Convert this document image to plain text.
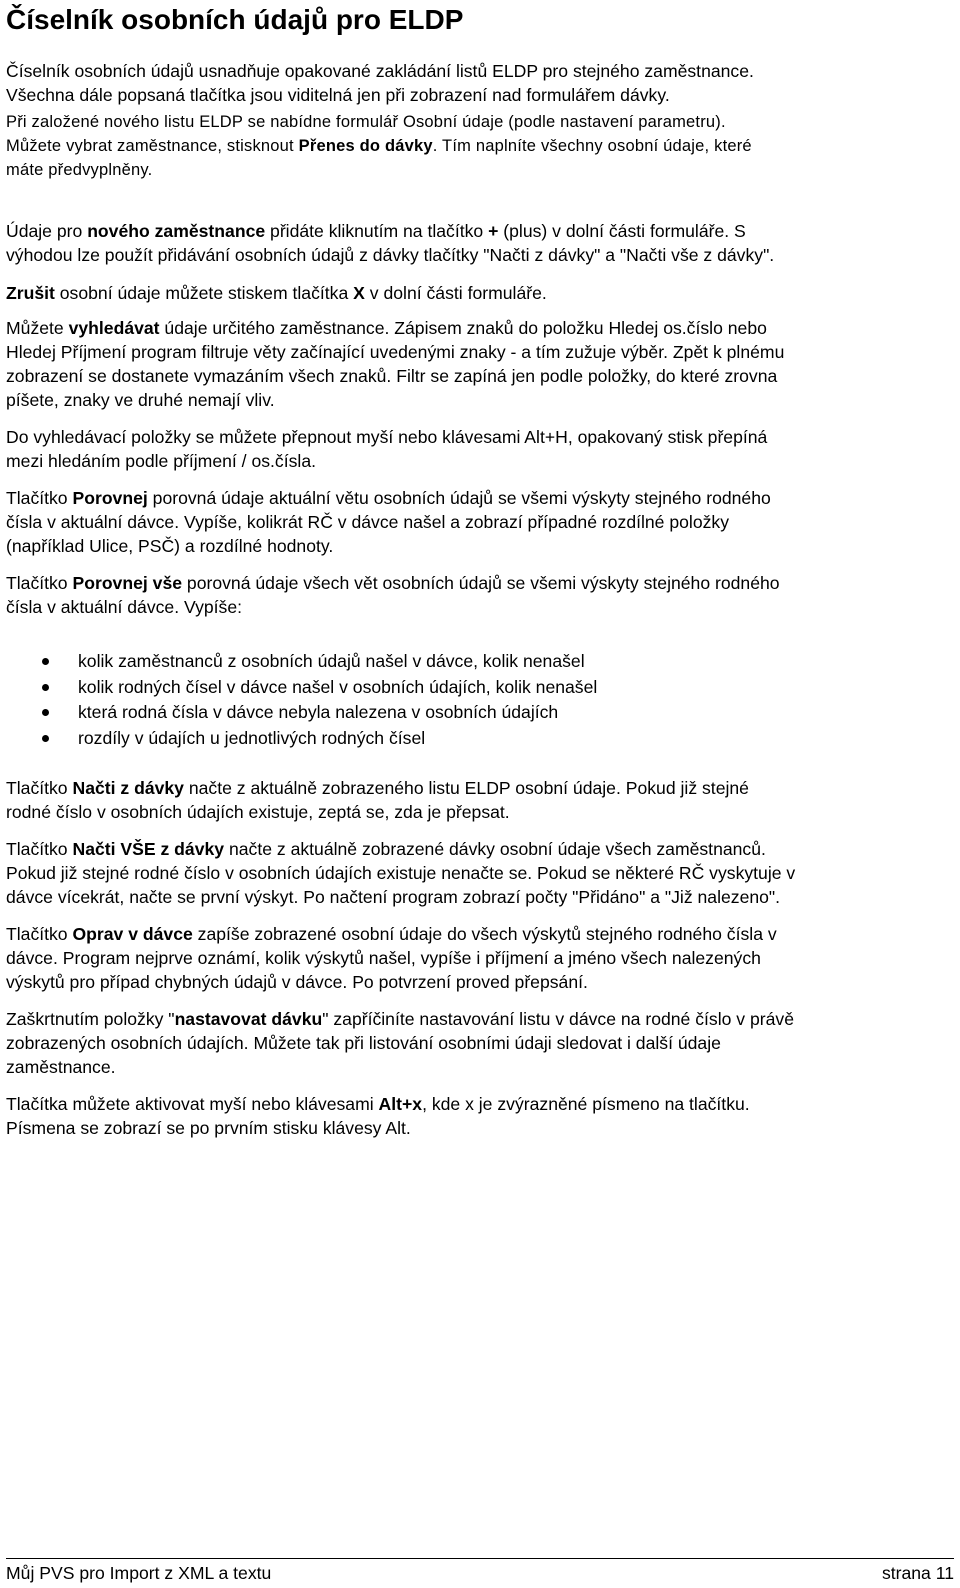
Číselník osobních údajů pro ELDP
Číselník osobních údajů usnadňuje opakované zakládání listů ELDP pro stejného zaměstnance.
Všechna dále popsaná tlačítka jsou viditelná jen při zobrazení nad formulářem dávky.
Při založené nového listu ELDP se nabídne formulář Osobní údaje (podle nastavení parametru).
Můžete vybrat zaměstnance, stisknout Přenes do dávky. Tím naplníte všechny osobní údaje, které
máte předvyplněny.
Údaje pro nového zaměstnance přidáte kliknutím na tlačítko + (plus) v dolní části formuláře. S
výhodou lze použít přidávání osobních údajů z dávky tlačítky "Načti z dávky" a "Načti vše z dávky".
Zrušit osobní údaje můžete stiskem tlačítka X v dolní části formuláře.
Můžete vyhledávat údaje určitého zaměstnance. Zápisem znaků do položku Hledej os.číslo nebo
Hledej Příjmení program filtruje věty začínající uvedenými znaky - a tím zužuje výběr. Zpět k plnému
zobrazení se dostanete vymazáním všech znaků. Filtr se zapíná jen podle položky, do které zrovna
píšete, znaky ve druhé nemají vliv.
Do vyhledávací položky se můžete přepnout myší nebo klávesami Alt+H, opakovaný stisk přepíná
mezi hledáním podle příjmení / os.čísla.
Tlačítko Porovnej porovná údaje aktuální větu osobních údajů se všemi výskyty stejného rodného
čísla v aktuální dávce. Vypíše, kolikrát RČ v dávce našel a zobrazí případné rozdílné položky
(například Ulice, PSČ) a rozdílné hodnoty.
Tlačítko Porovnej vše porovná údaje všech vět osobních údajů se všemi výskyty stejného rodného
čísla v aktuální dávce. Vypíše:
kolik zaměstnanců z osobních údajů našel v dávce, kolik nenašel
kolik rodných čísel v dávce našel v osobních údajích, kolik nenašel
která rodná čísla v dávce nebyla nalezena v osobních údajích
rozdíly v údajích u jednotlivých rodných čísel
Tlačítko Načti z dávky načte z aktuálně zobrazeného listu ELDP osobní údaje. Pokud již stejné
rodné číslo v osobních údajích existuje, zeptá se, zda je přepsat.
Tlačítko Načti VŠE z dávky načte z aktuálně zobrazené dávky osobní údaje všech zaměstnanců.
Pokud již stejné rodné číslo v osobních údajích existuje nenačte se. Pokud se některé RČ vyskytuje v
dávce vícekrát, načte se první výskyt. Po načtení program zobrazí počty "Přidáno" a "Již nalezeno".
Tlačítko Oprav v dávce zapíše zobrazené osobní údaje do všech výskytů stejného rodného čísla v
dávce. Program nejprve oznámí, kolik výskytů našel, vypíše i příjmení a jméno všech nalezených
výskytů pro případ chybných údajů v dávce. Po potvrzení proved přepsání.
Zaškrtnutím položky "nastavovat dávku" zapříčiníte nastavování listu v dávce na rodné číslo v právě
zobrazených osobních údajích. Můžete tak při listování osobními údaji sledovat i další údaje
zaměstnance.
Tlačítka můžete aktivovat myší nebo klávesami Alt+x, kde x je zvýrazněné písmeno na tlačítku.
Písmena se zobrazí se po prvním stisku klávesy Alt.
Můj PVS pro Import z XML a textu	strana 11
